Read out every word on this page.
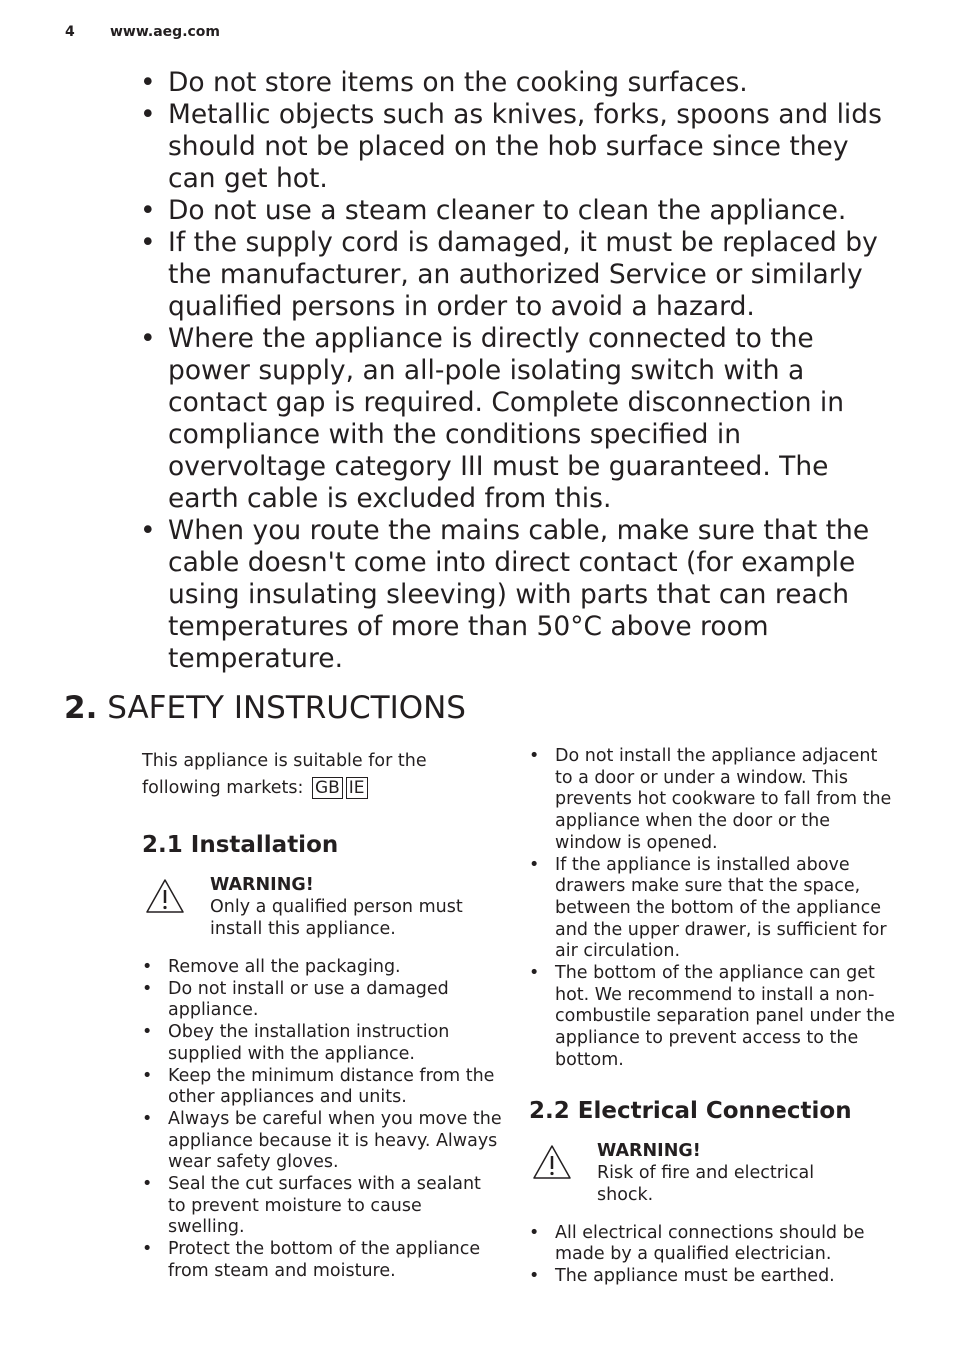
4	www.aeg.com
• Do not store items on the cooking surfaces.
• Metallic objects such as knives, forks, spoons and lids should not be placed on the hob surface since they can get hot.
• Do not use a steam cleaner to clean the appliance.
• If the supply cord is damaged, it must be replaced by the manufacturer, an authorized Service or similarly qualified persons in order to avoid a hazard.
• Where the appliance is directly connected to the power supply, an all-pole isolating switch with a contact gap is required. Complete disconnection in compliance with the conditions specified in overvoltage category III must be guaranteed. The earth cable is excluded from this.
• When you route the mains cable, make sure that the cable doesn't come into direct contact (for example using insulating sleeving) with parts that can reach temperatures of more than 50°C above room temperature.
2. SAFETY INSTRUCTIONS
This appliance is suitable for the
following markets: GB IE
2.1 Installation
WARNING!
Only a qualified person must install this appliance.
• Remove all the packaging.
• Do not install or use a damaged appliance.
• Obey the installation instruction supplied with the appliance.
• Keep the minimum distance from the other appliances and units.
• Always be careful when you move the appliance because it is heavy. Always wear safety gloves.
• Seal the cut surfaces with a sealant to prevent moisture to cause swelling.
• Protect the bottom of the appliance from steam and moisture.
• Do not install the appliance adjacent to a door or under a window. This prevents hot cookware to fall from the appliance when the door or the window is opened.
• If the appliance is installed above drawers make sure that the space, between the bottom of the appliance and the upper drawer, is sufficient for air circulation.
• The bottom of the appliance can get hot. We recommend to install a non-combustile separation panel under the appliance to prevent access to the bottom.
2.2 Electrical Connection
WARNING!
Risk of fire and electrical shock.
• All electrical connections should be made by a qualified electrician.
• The appliance must be earthed.
